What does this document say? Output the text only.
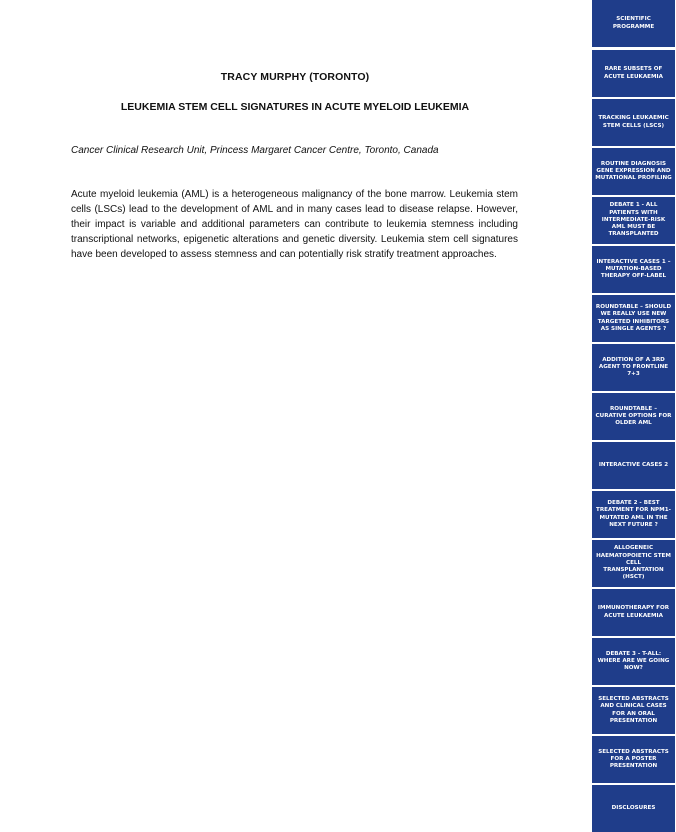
TRACY MURPHY (TORONTO)
LEUKEMIA STEM CELL SIGNATURES IN ACUTE MYELOID LEUKEMIA
Cancer Clinical Research Unit, Princess Margaret Cancer Centre, Toronto, Canada

Acute myeloid leukemia (AML) is a heterogeneous malignancy of the bone marrow. Leukemia stem cells (LSCs) lead to the development of AML and in many cases lead to disease relapse. However, their impact is variable and additional parameters can contribute to leukemia stemness including transcriptional networks, epigenetic alterations and genetic diversity. Leukemia stem cell signatures have been developed to assess stemness and can potentially risk stratify treatment approaches.

SCIENTIFIC PROGRAMME
RARE SUBSETS OF ACUTE LEUKAEMIA
TRACKING LEUKAEMIC STEM CELLS (LSCS)
ROUTINE DIAGNOSIS GENE EXPRESSION AND MUTATIONAL PROFILING
DEBATE 1 - ALL PATIENTS WITH INTERMEDIATE-RISK AML MUST BE TRANSPLANTED
INTERACTIVE CASES 1 – MUTATION-BASED THERAPY OFF-LABEL
ROUNDTABLE – SHOULD WE REALLY USE NEW TARGETED INHIBITORS AS SINGLE AGENTS ?
ADDITION OF A 3RD AGENT TO FRONTLINE 7+3
ROUNDTABLE – CURATIVE OPTIONS FOR OLDER AML
INTERACTIVE CASES 2
DEBATE 2 - BEST TREATMENT FOR NPM1-MUTATED AML IN THE NEXT FUTURE ?
ALLOGENEIC HAEMATOPOIETIC STEM CELL TRANSPLANTATION (HSCT)
IMMUNOTHERAPY FOR ACUTE LEUKAEMIA
DEBATE 3 - T-ALL: WHERE ARE WE GOING NOW?
SELECTED ABSTRACTS AND CLINICAL CASES FOR AN ORAL PRESENTATION
SELECTED ABSTRACTS FOR A POSTER PRESENTATION
DISCLOSURES
